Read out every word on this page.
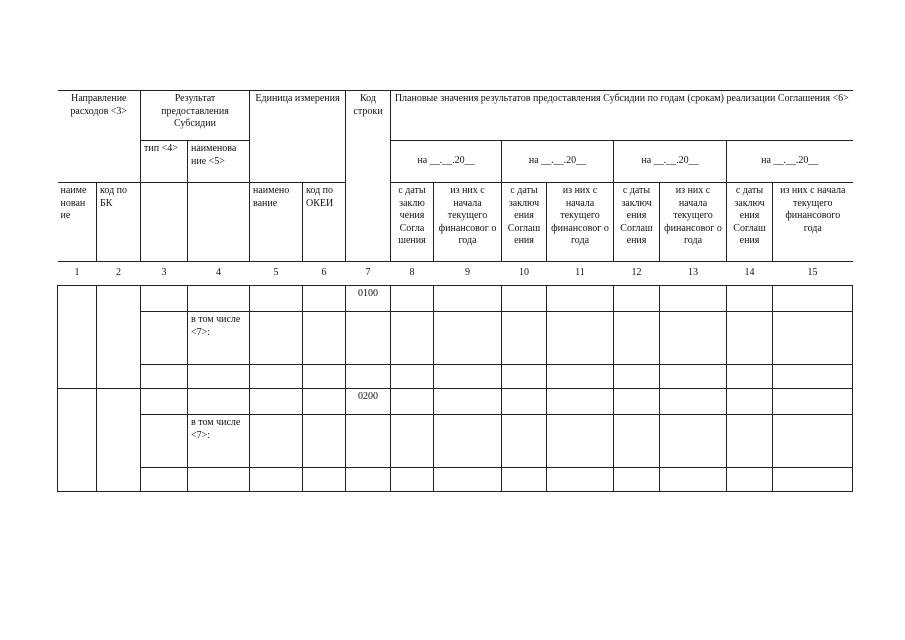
Направление расходов <3>		Результат предоставления Субсидии		Единица измерения		Код строки	Плановые значения результатов предоставления Субсидии по годам (срокам) реализации Соглашения <6>							
		тип <4>	наименова ние <5>				на __.__.20__		на __.__.20__		на __.__.20__		на __.__.20__	
наиме нован ие	код по БК			наимено вание	код по ОКЕИ		с даты заклю чения Согла шения	из них с начала текущего финансовог о года	с даты заключ ения Соглаш ения	из них с начала текущего финансовог о года	с даты заключ ения Соглаш ения	из них с начала текущего финансовог о года	с даты заключ ения Соглаш ения	из них с начала текущего финансового года
1	2	3	4	5	6	7	8	9	10	11	12	13	14	15
						0100								
			в том числе <7>:											

						0200								
			в том числе <7>:											
